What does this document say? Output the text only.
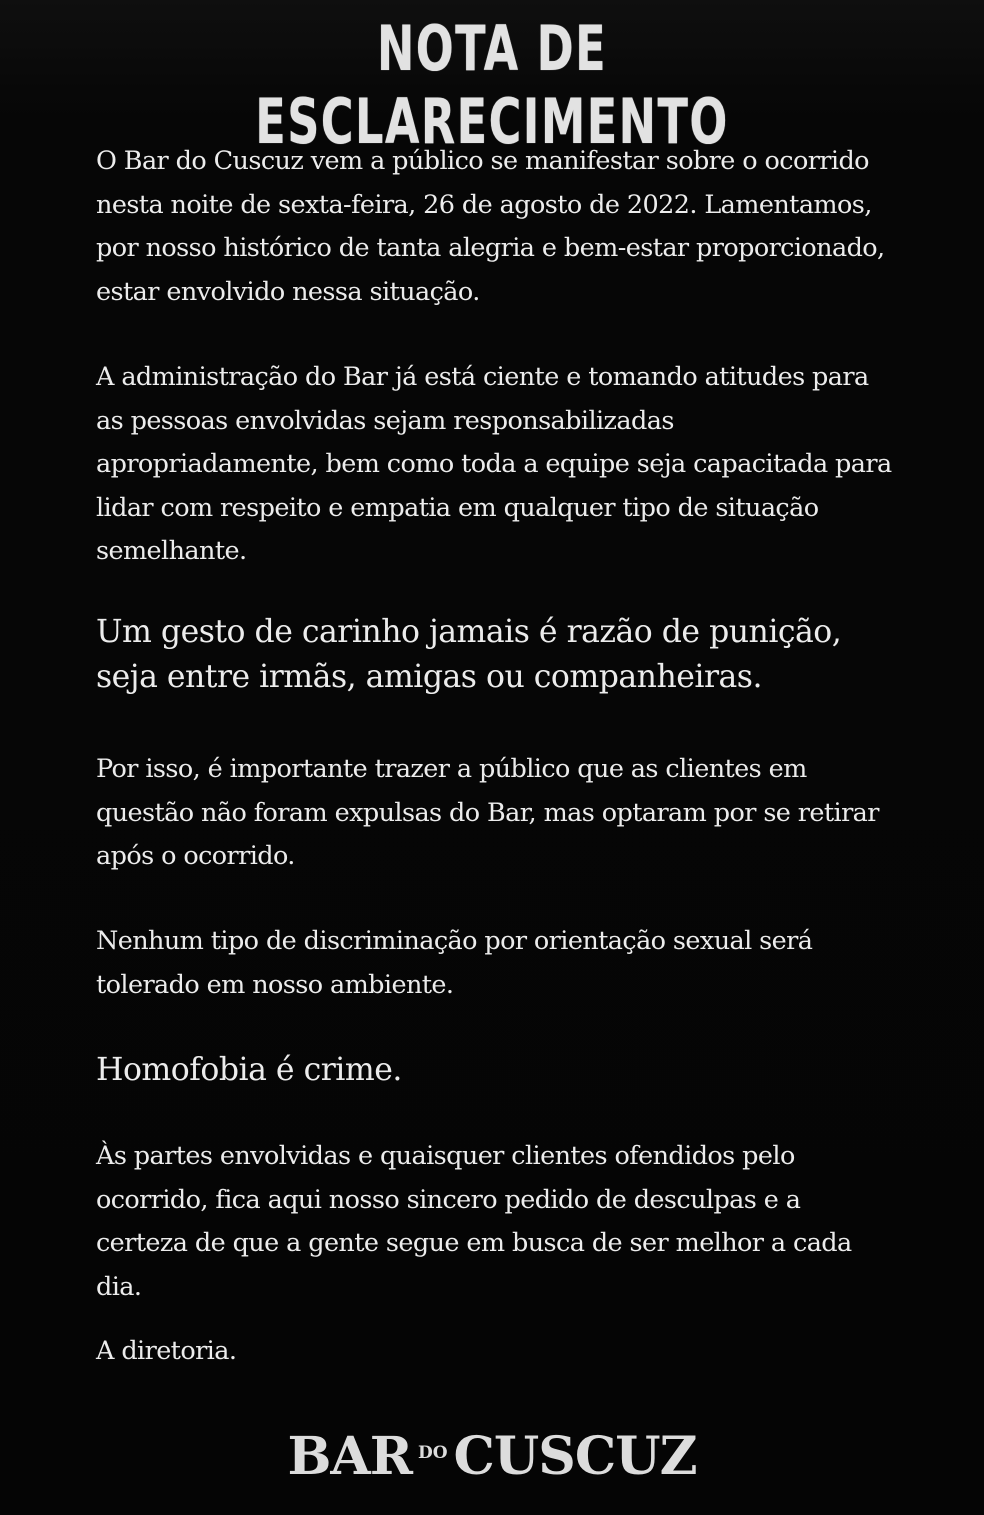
NOTA DE ESCLARECIMENTO
O Bar do Cuscuz vem a público se manifestar sobre o ocorrido nesta noite de sexta-feira, 26 de agosto de 2022. Lamentamos, por nosso histórico de tanta alegria e bem-estar proporcionado, estar envolvido nessa situação.
A administração do Bar já está ciente e tomando atitudes para as pessoas envolvidas sejam responsabilizadas apropriadamente, bem como toda a equipe seja capacitada para lidar com respeito e empatia em qualquer tipo de situação semelhante.
Um gesto de carinho jamais é razão de punição, seja entre irmãs, amigas ou companheiras.
Por isso, é importante trazer a público que as clientes em questão não foram expulsas do Bar, mas optaram por se retirar após o ocorrido.
Nenhum tipo de discriminação por orientação sexual será tolerado em nosso ambiente.
Homofobia é crime.
Às partes envolvidas e quaisquer clientes ofendidos pelo ocorrido, fica aqui nosso sincero pedido de desculpas e a certeza de que a gente segue em busca de ser melhor a cada dia.
A diretoria.
BAR $^{DO}$ CUSCUZ
